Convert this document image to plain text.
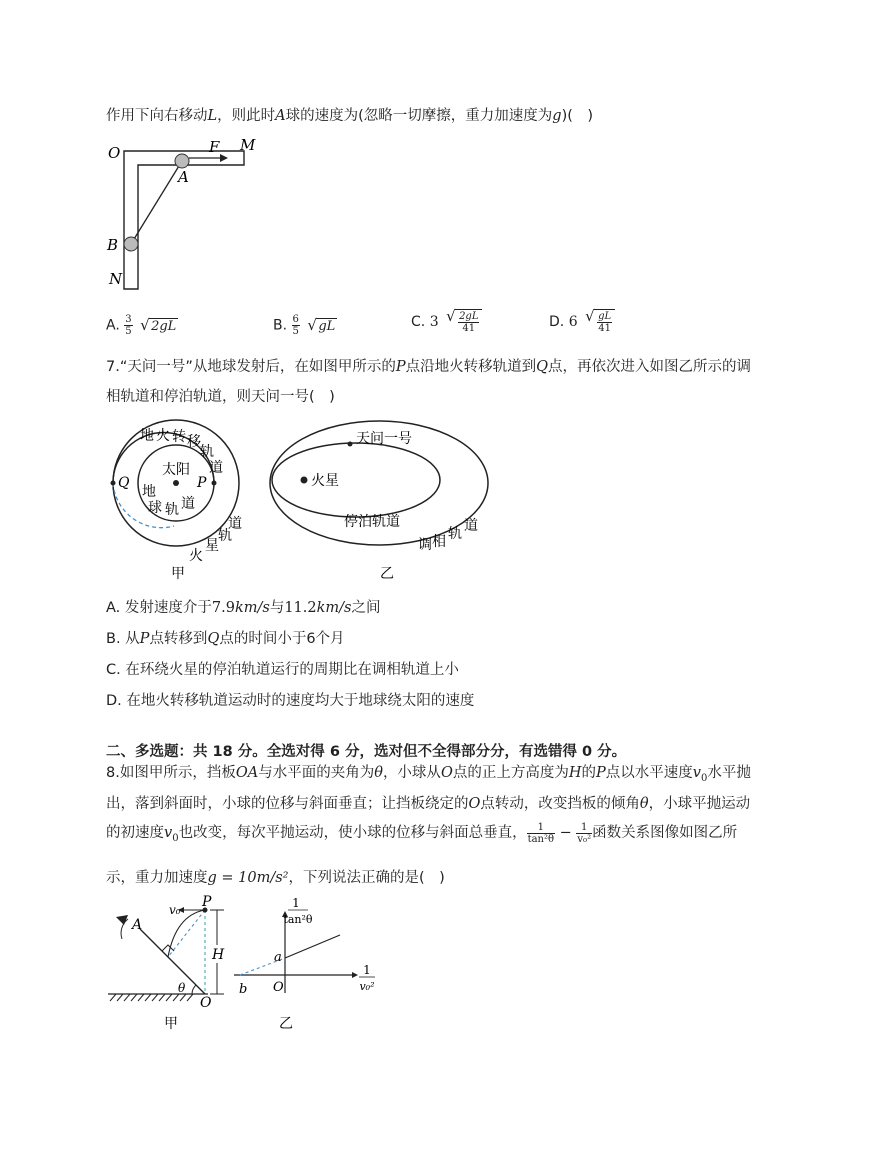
作用下向右移动L，则此时A球的速度为(忽略一切摩擦，重力加速度为g)(　)
O	F M
A
B
N
A. $\frac{3}{5}$ √ 2gL	B. $\frac{6}{5}$ √ gL	C. 3 √ $\frac{2gL}{41}$	D. 6 √ $\frac{gL}{41}$
7.“天问一号”从地球发射后，在如图甲所示的P点沿地火转移轨道到Q点，再依次进入如图乙所示的调
相轨道和停泊轨道，则天问一号(　)
地 火 转 移
轨
道
太阳
Q	P
地
球 轨 道
火
星
轨
道
甲
天问一号
火星
停泊轨道
调 相 轨 道
乙
A. 发射速度介于7.9km/s与11.2km/s之间
B. 从P点转移到Q点的时间小于6个月
C. 在环绕火星的停泊轨道运行的周期比在调相轨道上小
D. 在地火转移轨道运动时的速度均大于地球绕太阳的速度
二、多选题：共 18 分。全选对得 6 分，选对但不全得部分分，有选错得 0 分。
8.如图甲所示，挡板OA与水平面的夹角为θ，小球从O点的正上方高度为H的P点以水平速度$v_0$水平抛
出，落到斜面时，小球的位移与斜面垂直；让挡板绕定的O点转动，改变挡板的倾角θ，小球平抛运动
的初速度$v_0$也改变，每次平抛运动，使小球的位移与斜面总垂直， $\frac{1}{\text{tan²θ}} - \frac{1}{\text{v₀²}}$ 函数关系图像如图乙所
示，重力加速度g = 10m/s²，下列说法正确的是(　)
A
v₀ P
H
θ
O
甲
1
tan²θ
a
b O
1
v₀²
乙
